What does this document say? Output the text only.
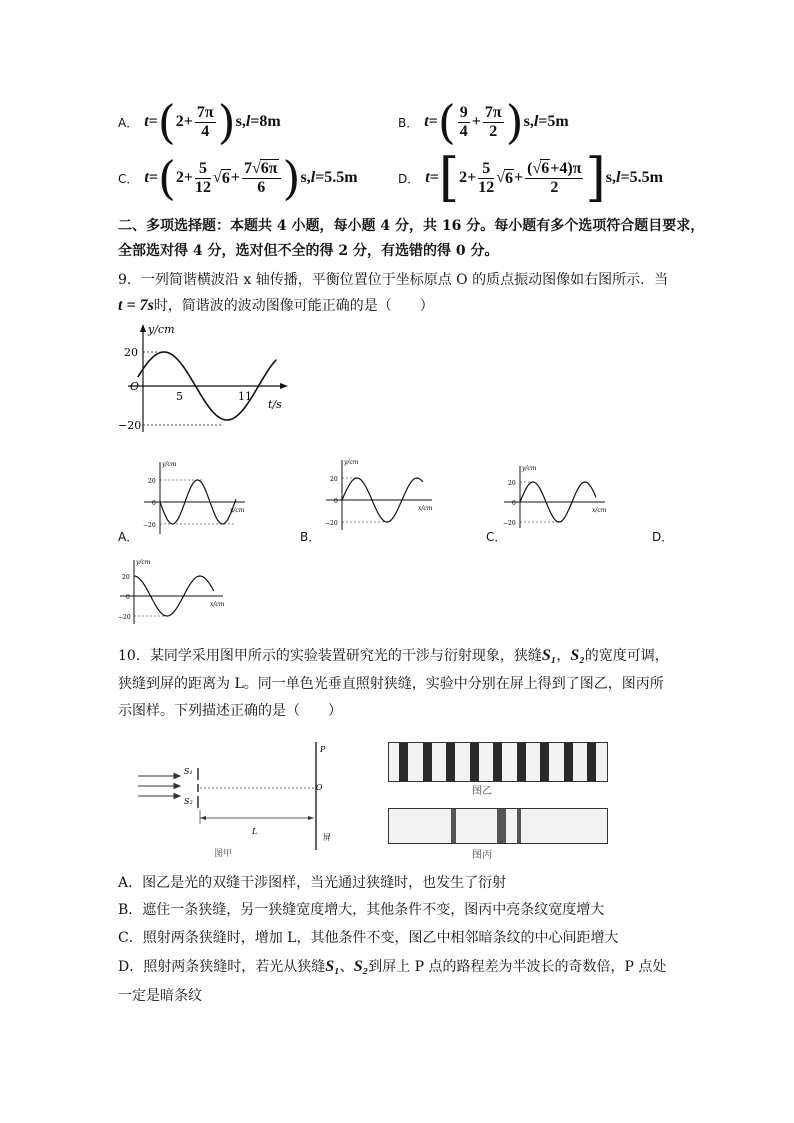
A． t = ( $2+ \frac{7\pi}{4}$ ) s, l = 8m	B． t = ( $\frac{9}{4} + \frac{7\pi}{2}$ ) s, l = 5m
C． t = ( $2+ \frac{5}{12}$ √ $6 + \frac{7√6\pi}{6}$ ) s, l = 5.5m	D． t = [ $2+ \frac{5}{12}$ √ $6 + \frac{(√6+4)\pi}{2}$ ] s, l = 5.5m
二、多项选择题：本题共 4 小题，每小题 4 分，共 16 分。每小题有多个选项符合题目要求，
全部选对得 4 分，选对但不全的得 2 分，有选错的得 0 分。
9．一列简谐横波沿 x 轴传播，平衡位置位于坐标原点 O 的质点振动图像如右图所示．当
t = 7s时，简谐波的波动图像可能正确的是（　　）
y/cm
t/s
20
−20
O
5	11
y/cm
x/cm
20
−20
0
A．
y/cm
x/cm
20
−20
0
B．
y/cm
x/cm
20
−20
0
C．	D．
y/cm
x/cm
20
−20
0
10．某同学采用图甲所示的实验装置研究光的干涉与衍射现象，狭缝S₁，S₂的宽度可调，
狭缝到屏的距离为 L。同一单色光垂直照射狭缝，实验中分别在屏上得到了图乙，图丙所
示图样。下列描述正确的是（　　）
S₁
S₂
P
O
L
屏
图甲
图乙
图丙
A．图乙是光的双缝干涉图样，当光通过狭缝时，也发生了衍射
B．遮住一条狭缝，另一狭缝宽度增大，其他条件不变，图丙中亮条纹宽度增大
C．照射两条狭缝时，增加 L，其他条件不变，图乙中相邻暗条纹的中心间距增大
D．照射两条狭缝时，若光从狭缝S₁、S₂到屏上 P 点的路程差为半波长的奇数倍，P 点处
一定是暗条纹
